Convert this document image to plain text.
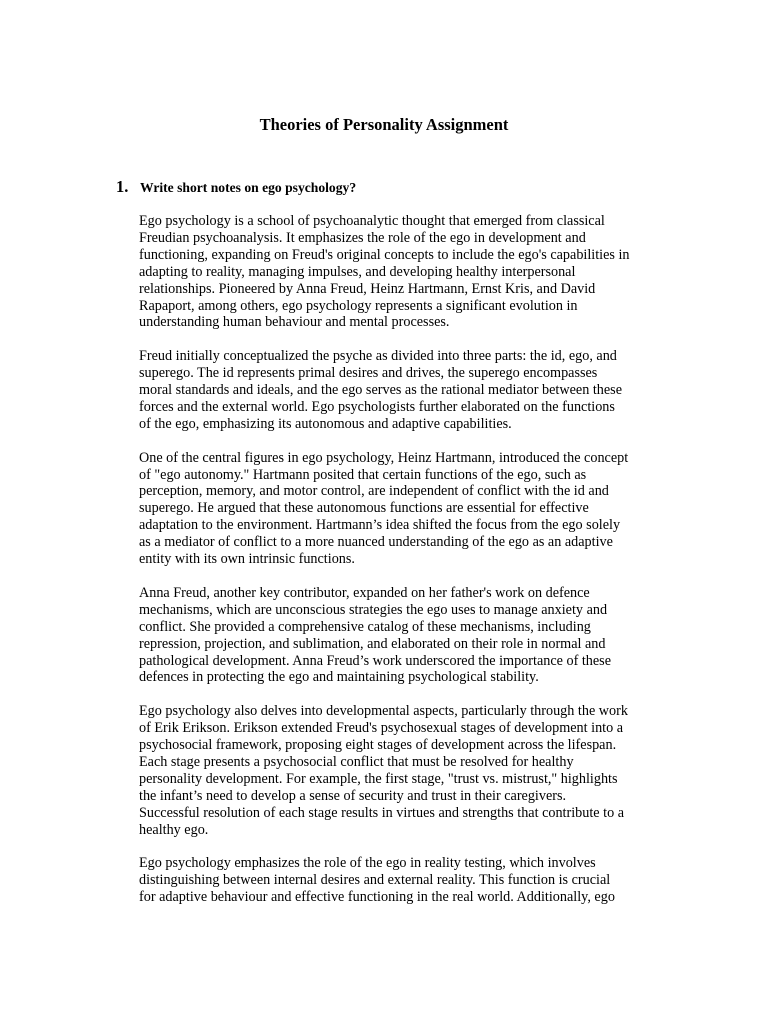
Theories of Personality Assignment
1. Write short notes on ego psychology?

Ego psychology is a school of psychoanalytic thought that emerged from classical
Freudian psychoanalysis. It emphasizes the role of the ego in development and
functioning, expanding on Freud's original concepts to include the ego's capabilities in
adapting to reality, managing impulses, and developing healthy interpersonal
relationships. Pioneered by Anna Freud, Heinz Hartmann, Ernst Kris, and David
Rapaport, among others, ego psychology represents a significant evolution in
understanding human behaviour and mental processes.

Freud initially conceptualized the psyche as divided into three parts: the id, ego, and
superego. The id represents primal desires and drives, the superego encompasses
moral standards and ideals, and the ego serves as the rational mediator between these
forces and the external world. Ego psychologists further elaborated on the functions
of the ego, emphasizing its autonomous and adaptive capabilities.

One of the central figures in ego psychology, Heinz Hartmann, introduced the concept
of "ego autonomy." Hartmann posited that certain functions of the ego, such as
perception, memory, and motor control, are independent of conflict with the id and
superego. He argued that these autonomous functions are essential for effective
adaptation to the environment. Hartmann’s idea shifted the focus from the ego solely
as a mediator of conflict to a more nuanced understanding of the ego as an adaptive
entity with its own intrinsic functions.

Anna Freud, another key contributor, expanded on her father's work on defence
mechanisms, which are unconscious strategies the ego uses to manage anxiety and
conflict. She provided a comprehensive catalog of these mechanisms, including
repression, projection, and sublimation, and elaborated on their role in normal and
pathological development. Anna Freud’s work underscored the importance of these
defences in protecting the ego and maintaining psychological stability.

Ego psychology also delves into developmental aspects, particularly through the work
of Erik Erikson. Erikson extended Freud's psychosexual stages of development into a
psychosocial framework, proposing eight stages of development across the lifespan.
Each stage presents a psychosocial conflict that must be resolved for healthy
personality development. For example, the first stage, "trust vs. mistrust," highlights
the infant’s need to develop a sense of security and trust in their caregivers.
Successful resolution of each stage results in virtues and strengths that contribute to a
healthy ego.

Ego psychology emphasizes the role of the ego in reality testing, which involves
distinguishing between internal desires and external reality. This function is crucial
for adaptive behaviour and effective functioning in the real world. Additionally, ego
